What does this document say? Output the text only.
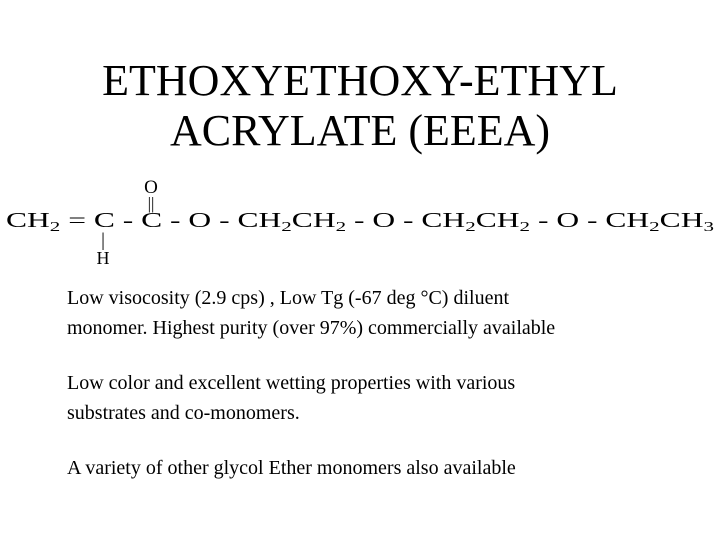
ETHOXYETHOXY-ETHYL
ACRYLATE (EEEA)
O
||
CH 2 = C - C - O -	CH 2 CH 2 - O - CH 2 CH 2 - O - CH 2 CH 3
|
H
Low visocosity (2.9 cps) , Low Tg (-67 deg °C) diluent
monomer. Highest purity (over 97%) commercially available
Low color and excellent wetting properties with various
substrates and co-monomers.
A variety of other glycol Ether monomers also available
